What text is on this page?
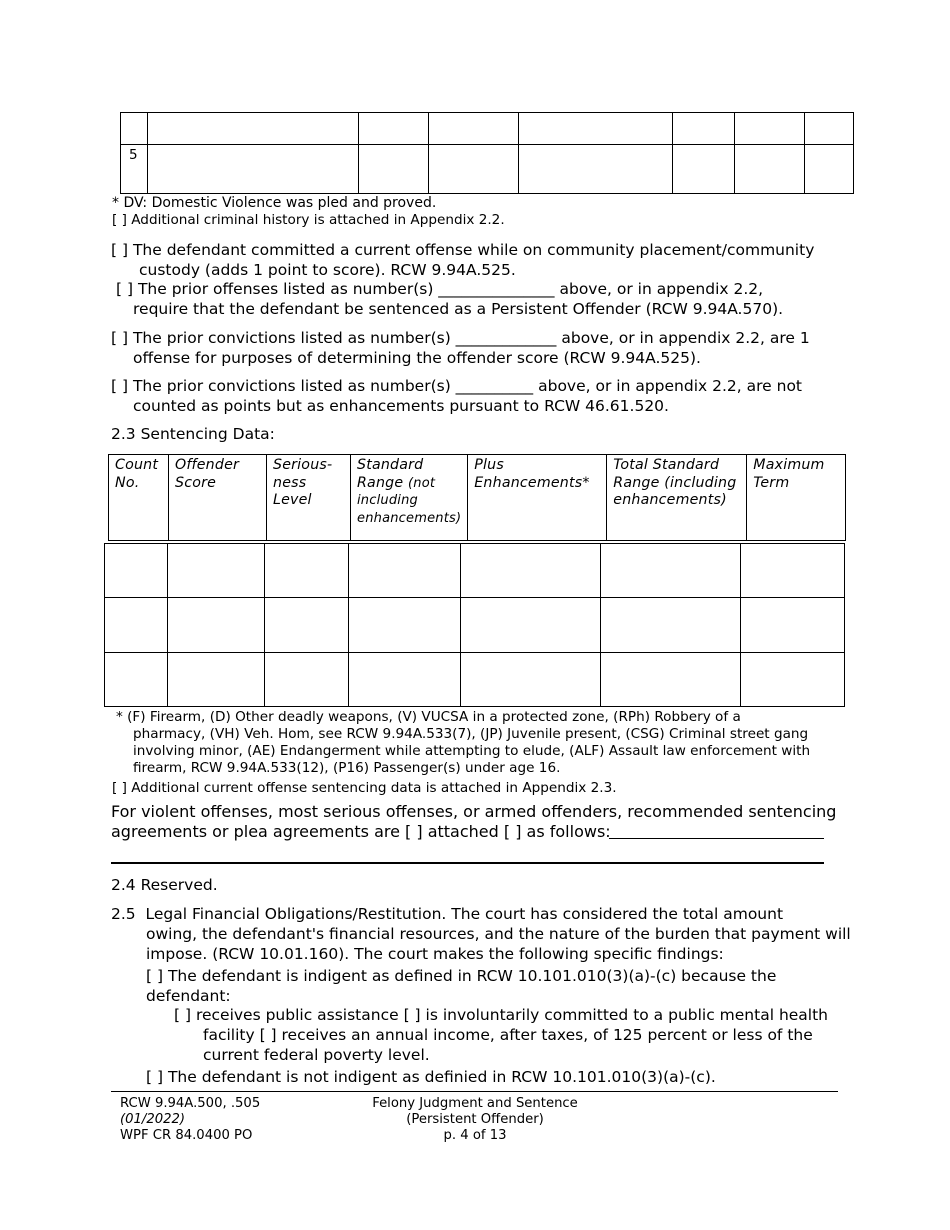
5							
* DV: Domestic Violence was pled and proved.
[ ] Additional criminal history is attached in Appendix 2.2.
[ ] The defendant committed a current offense while on community placement/community
custody (adds 1 point to score). RCW 9.94A.525.
[ ] The prior offenses listed as number(s) _______________ above, or in appendix 2.2,
require that the defendant be sentenced as a Persistent Offender (RCW 9.94A.570).
[ ] The prior convictions listed as number(s) _____________ above, or in appendix 2.2, are 1
offense for purposes of determining the offender score (RCW 9.94A.525).
[ ] The prior convictions listed as number(s) __________ above, or in appendix 2.2, are not
counted as points but as enhancements pursuant to RCW 46.61.520.
2.3 Sentencing Data:
Count No.	Offender Score	Serious-ness Level	Standard Range (not including enhancements)	Plus Enhancements*	Total Standard Range (including enhancements)	Maximum Term

* (F) Firearm, (D) Other deadly weapons, (V) VUCSA in a protected zone, (RPh) Robbery of a
pharmacy, (VH) Veh. Hom, see RCW 9.94A.533(7), (JP) Juvenile present, (CSG) Criminal street gang
involving minor, (AE) Endangerment while attempting to elude, (ALF) Assault law enforcement with
firearm, RCW 9.94A.533(12), (P16) Passenger(s) under age 16.
[ ] Additional current offense sentencing data is attached in Appendix 2.3.
For violent offenses, most serious offenses, or armed offenders, recommended sentencing
agreements or plea agreements are [ ] attached [ ] as follows:
2.4 Reserved.
2.5 Legal Financial Obligations/Restitution. The court has considered the total amount
owing, the defendant's financial resources, and the nature of the burden that payment will
impose. (RCW 10.01.160). The court makes the following specific findings:
[ ] The defendant is indigent as defined in RCW 10.101.010(3)(a)-(c) because the
defendant:
[ ] receives public assistance [ ] is involuntarily committed to a public mental health
facility [ ] receives an annual income, after taxes, of 125 percent or less of the
current federal poverty level.
[ ] The defendant is not indigent as definied in RCW 10.101.010(3)(a)-(c).
RCW 9.94A.500, .505
(01/2022)
WPF CR 84.0400 PO
Felony Judgment and Sentence
(Persistent Offender)
p. 4 of 13
